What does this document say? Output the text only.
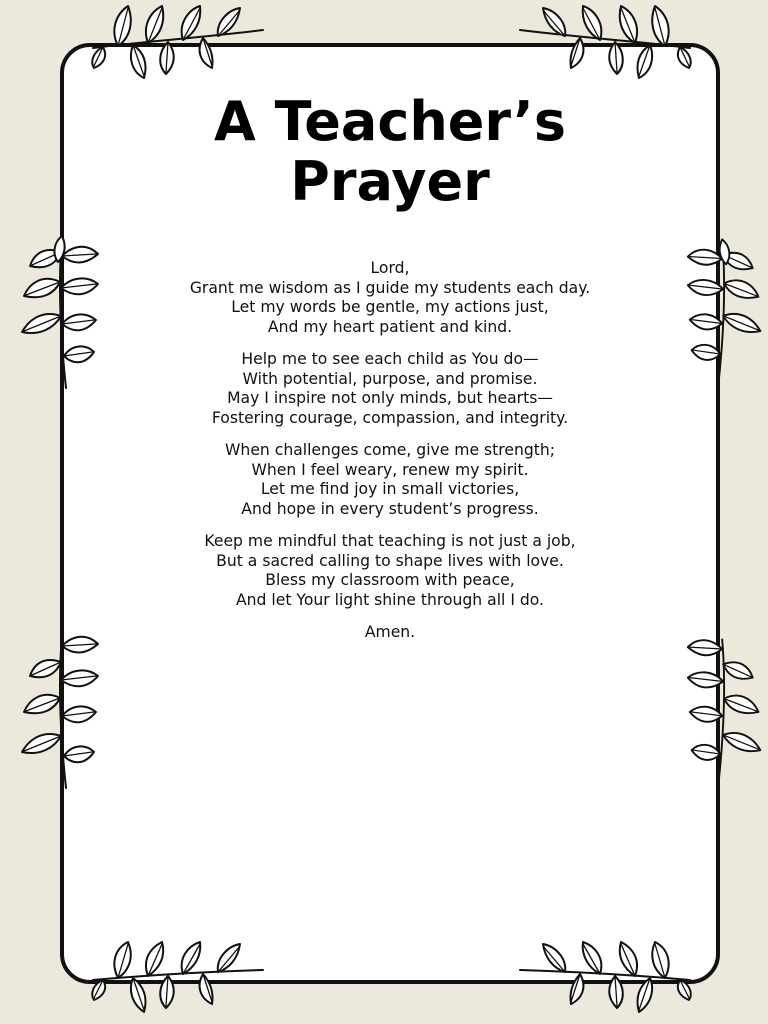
A Teacher’s
Prayer

Lord,
Grant me wisdom as I guide my students each day.
Let my words be gentle, my actions just,
And my heart patient and kind.

Help me to see each child as You do—
With potential, purpose, and promise.
May I inspire not only minds, but hearts—
Fostering courage, compassion, and integrity.

When challenges come, give me strength;
When I feel weary, renew my spirit.
Let me find joy in small victories,
And hope in every student’s progress.

Keep me mindful that teaching is not just a job,
But a sacred calling to shape lives with love.
Bless my classroom with peace,
And let Your light shine through all I do.

Amen.
